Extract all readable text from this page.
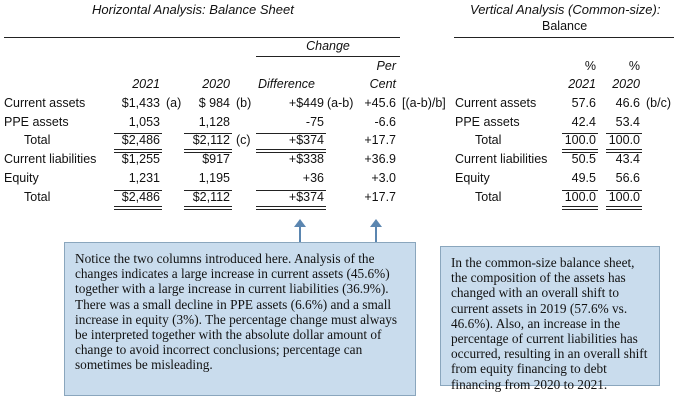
Horizontal Analysis: Balance Sheet	Vertical Analysis (Common-size):
Balance
Change
Per
2021	2020 Difference	Cent
%	%
2021	2020
Current assets	$1,433 (a)	$ 984 (b)	+$449 (a-b) +45.6 [(a-b)/b]
PPE assets	1,053	1,128	-75	-6.6
Total	$2,486	$2,112 (c)	+$374	+17.7
Current liabilities	$1,255	$917	+$338	+36.9
Equity	1,231	1,195	+36	+3.0
Total	$2,486	$2,112	+$374	+17.7
Current assets	57.6	46.6 (b/c)
PPE assets	42.4	53.4
Total	100.0	100.0
Current liabilities	50.5	43.4
Equity	49.5	56.6
Total	100.0	100.0
Notice the two columns introduced here. Analysis of the changes indicates a large increase in current assets (45.6%) together with a large increase in current liabilities (36.9%). There was a small decline in PPE assets (6.6%) and a small increase in equity (3%). The percentage change must always be interpreted together with the absolute dollar amount of change to avoid incorrect conclusions; percentage can sometimes be misleading.
In the common-size balance sheet, the composition of the assets has changed with an overall shift to current assets in 2019 (57.6% vs. 46.6%). Also, an increase in the percentage of current liabilities has occurred, resulting in an overall shift from equity financing to debt financing from 2020 to 2021.
